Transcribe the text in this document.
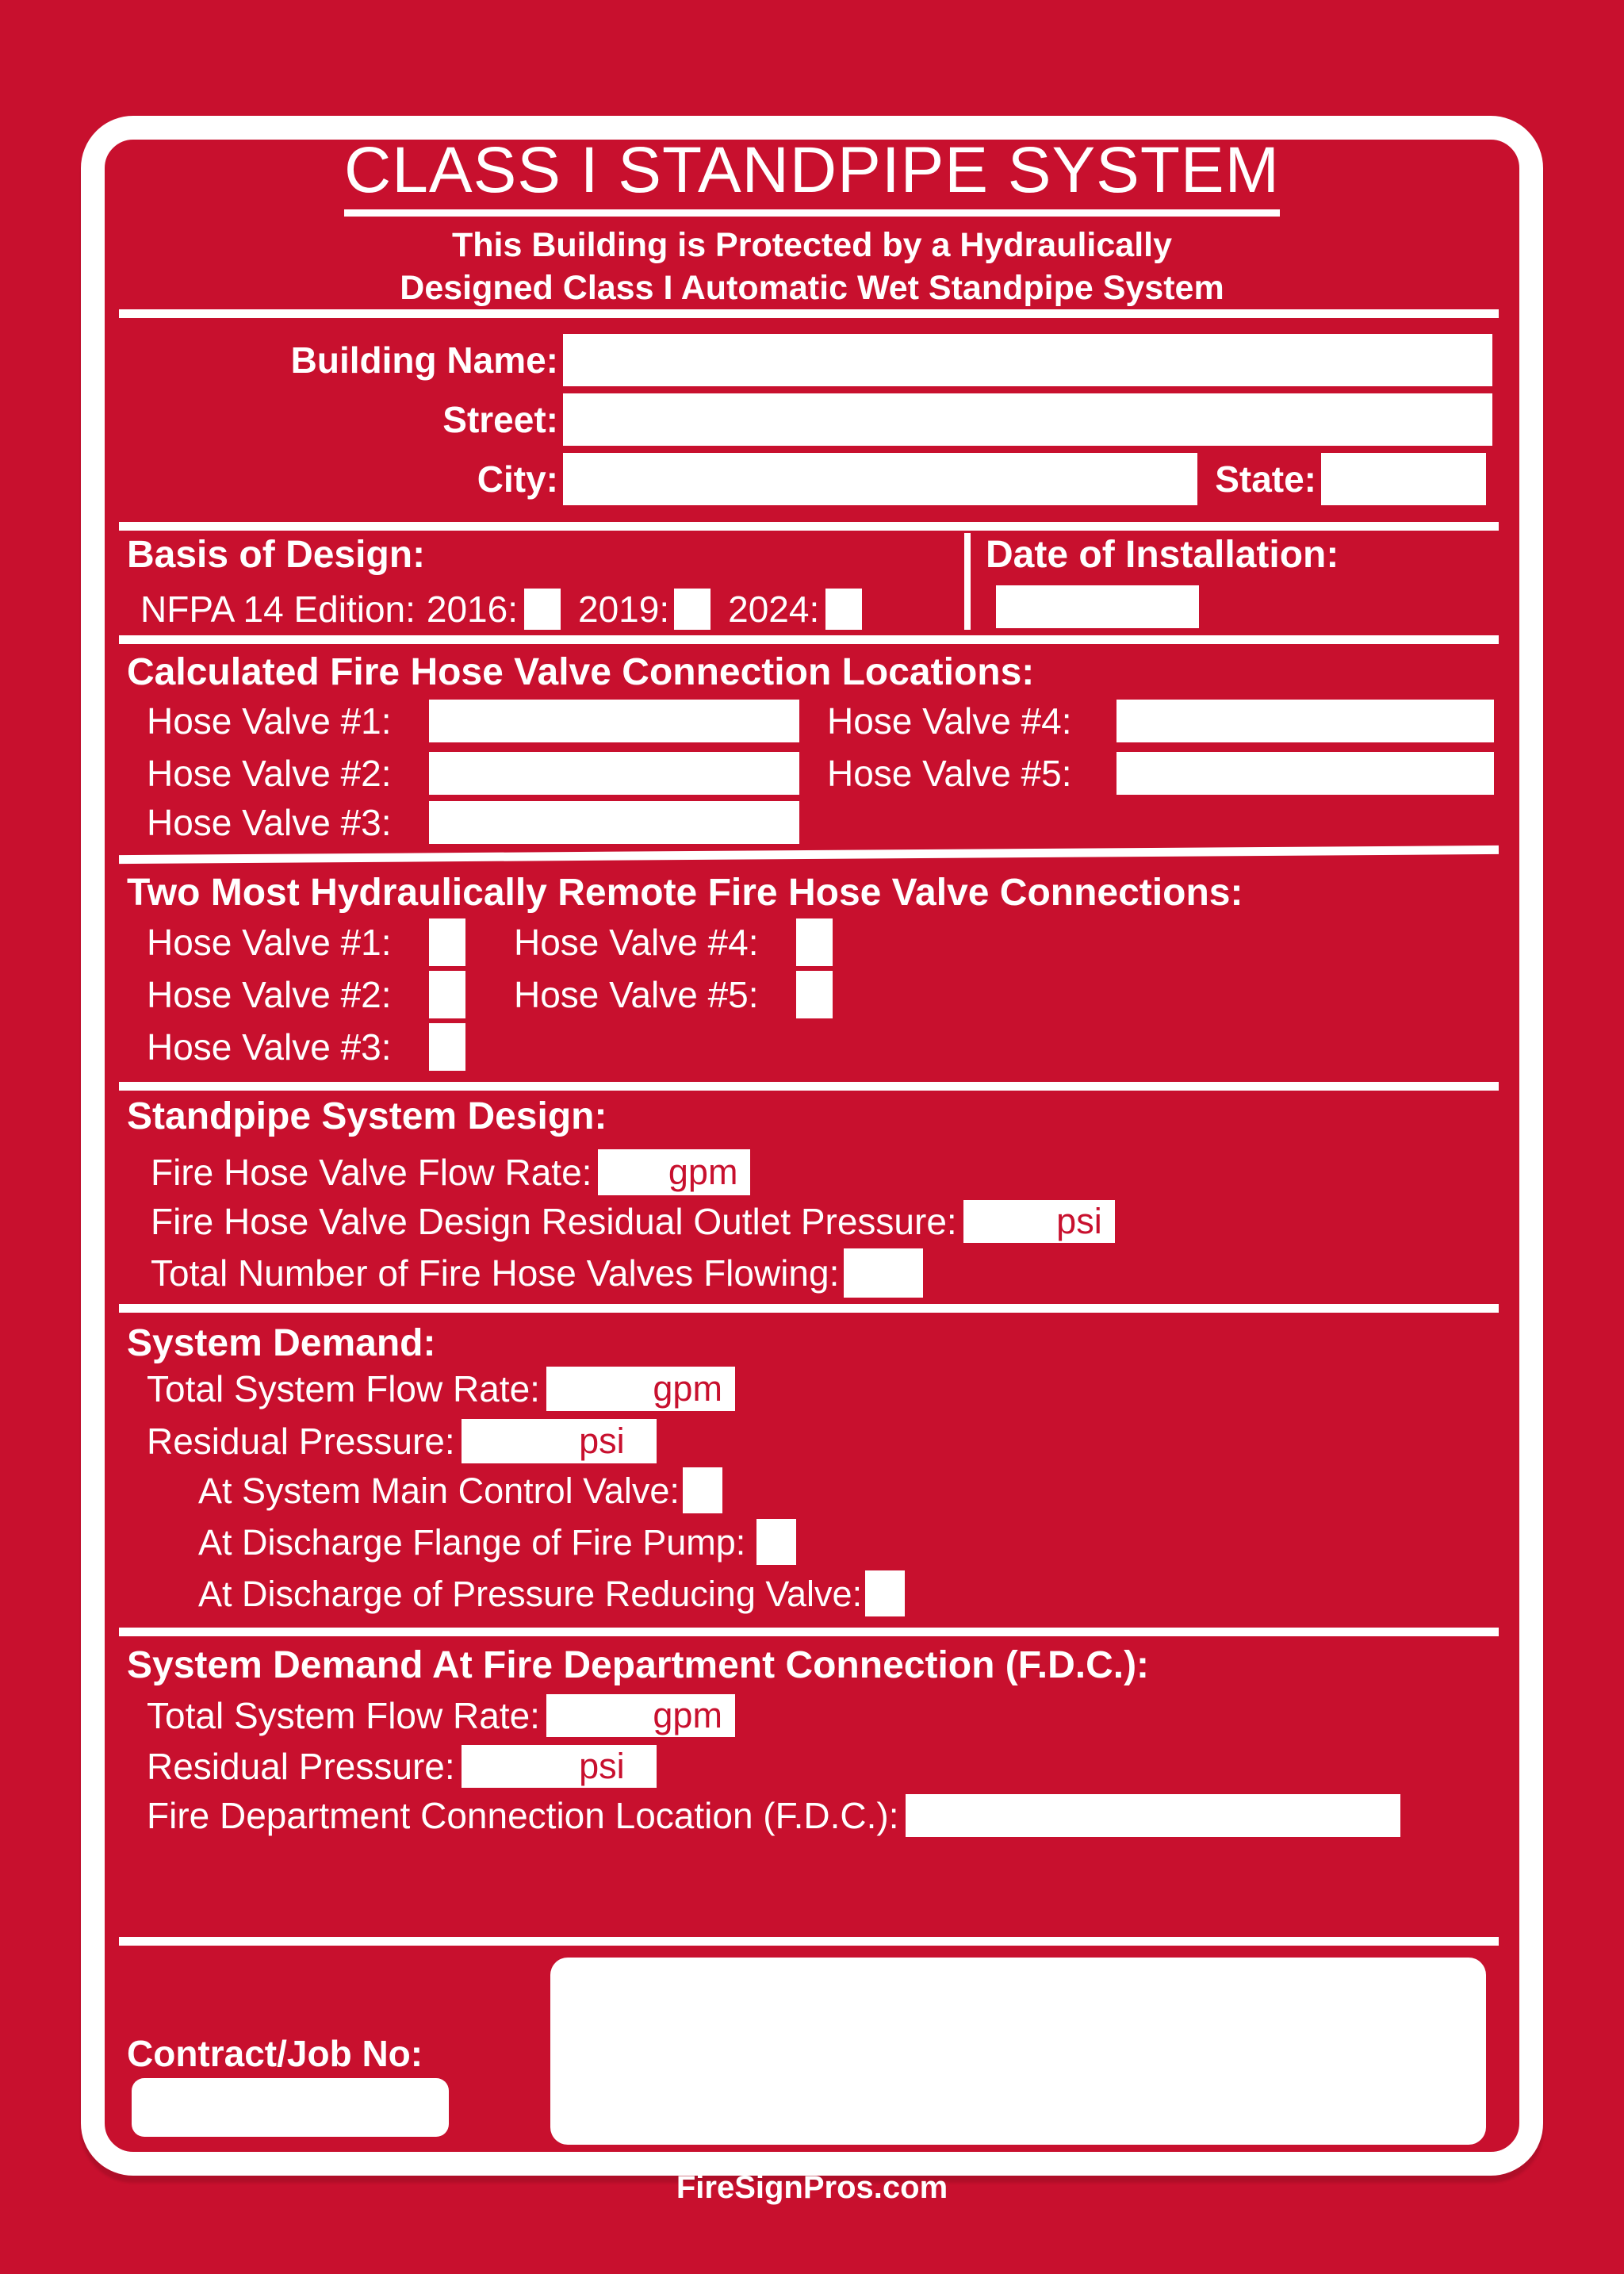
CLASS I STANDPIPE SYSTEM
This Building is Protected by a Hydraulically
Designed Class I Automatic Wet Standpipe System
Building Name:
Street:
City:	State:
Basis of Design:	Date of Installation:
NFPA 14 Edition: 2016: 2019: 2024:
Calculated Fire Hose Valve Connection Locations:
Hose Valve #1:	Hose Valve #4:
Hose Valve #2:	Hose Valve #5:
Hose Valve #3:
Two Most Hydraulically Remote Fire Hose Valve Connections:
Hose Valve #1:	Hose Valve #4:
Hose Valve #2:	Hose Valve #5:
Hose Valve #3:
Standpipe System Design:
Fire Hose Valve Flow Rate: gpm
Fire Hose Valve Design Residual Outlet Pressure:	psi
Total Number of Fire Hose Valves Flowing:
System Demand:
Total System Flow Rate:	gpm
Residual Pressure:	psi
At System Main Control Valve:
At Discharge Flange of Fire Pump:
At Discharge of Pressure Reducing Valve:
System Demand At Fire Department Connection (F.D.C.):
Total System Flow Rate:	gpm
Residual Pressure:	psi
Fire Department Connection Location (F.D.C.):
Contract/Job No:
FireSignPros.com
